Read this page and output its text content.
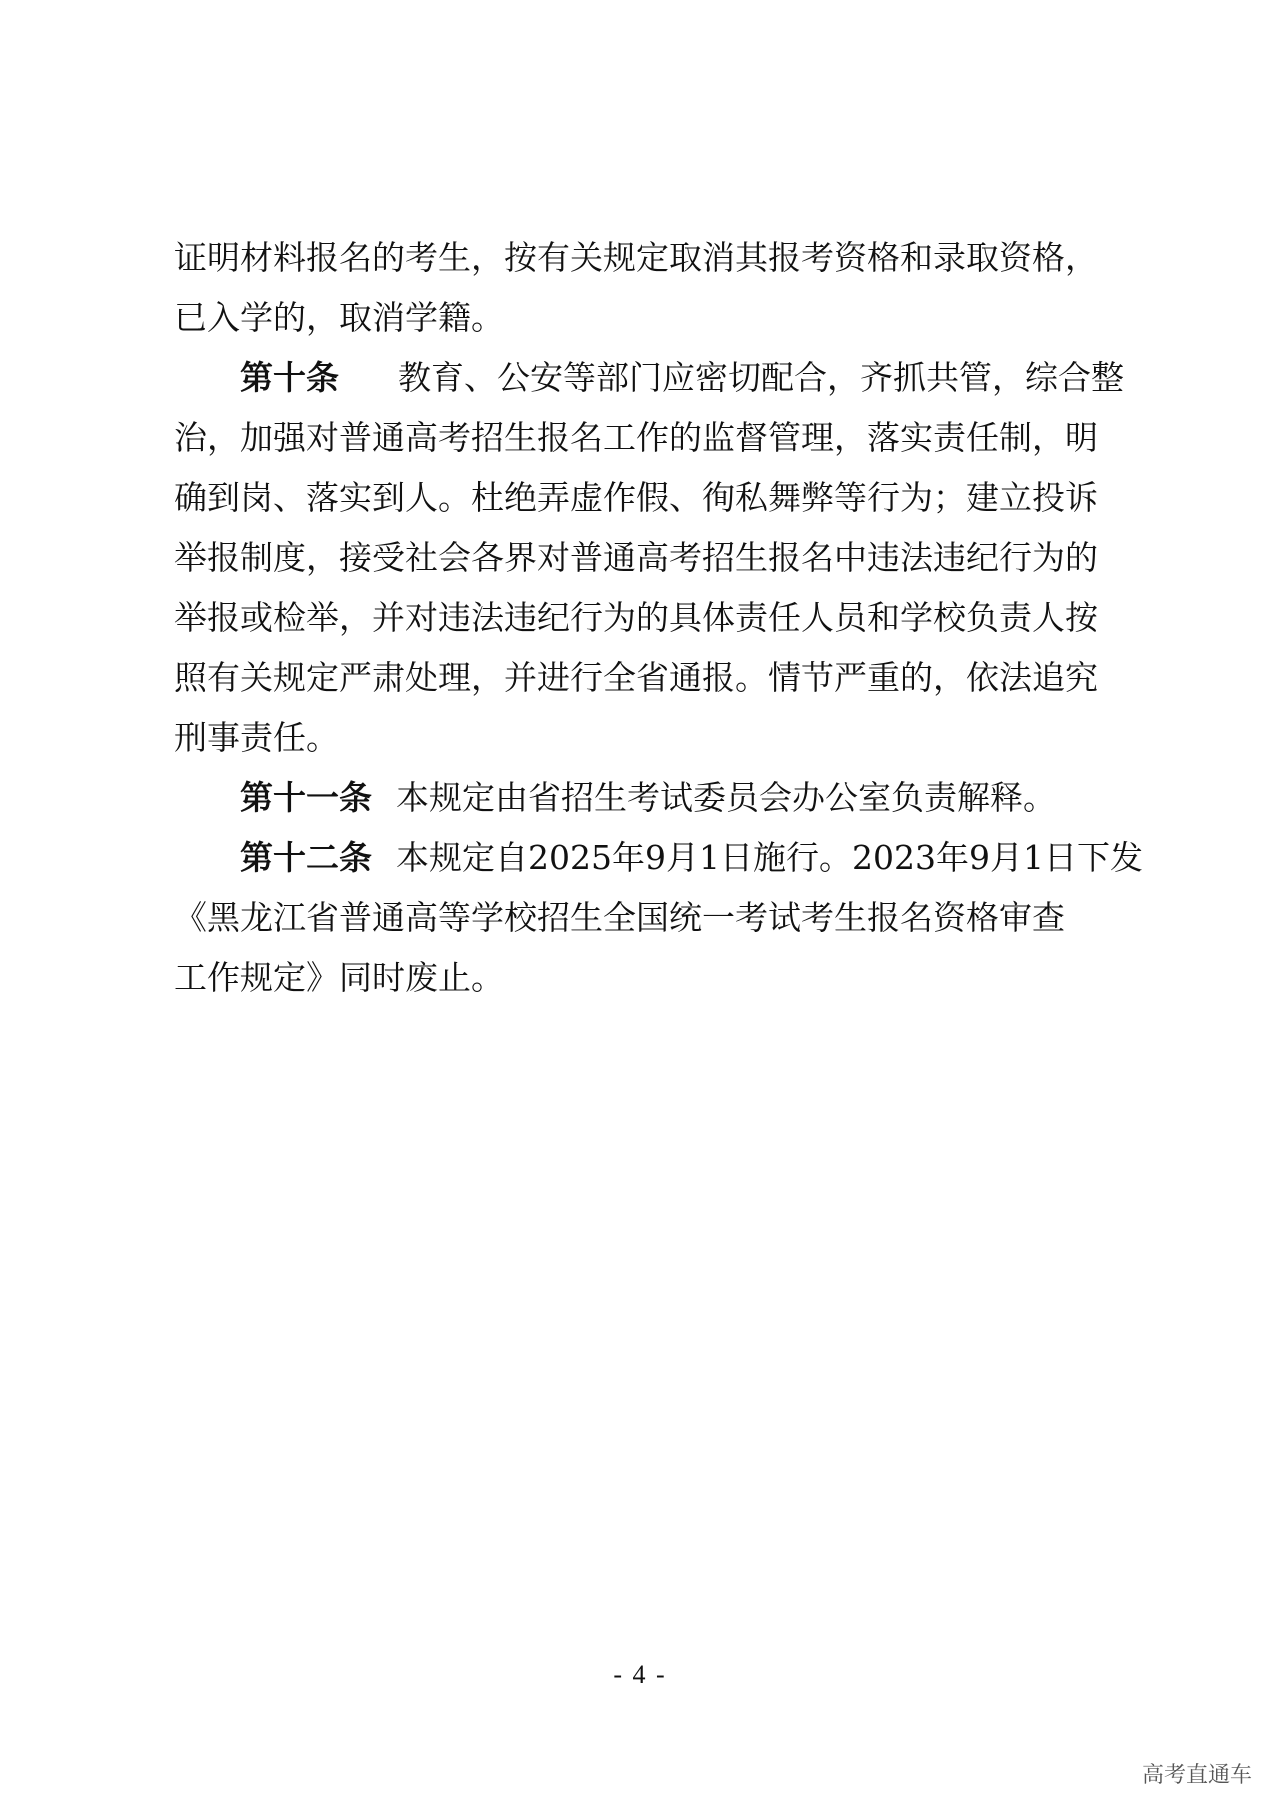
证明材料报名的考生，按有关规定取消其报考资格和录取资格，
已入学的，取消学籍。
第十条 教育、公安等部门应密切配合，齐抓共管，综合整
治，加强对普通高考招生报名工作的监督管理，落实责任制，明
确到岗、落实到人。杜绝弄虚作假、徇私舞弊等行为；建立投诉
举报制度，接受社会各界对普通高考招生报名中违法违纪行为的
举报或检举，并对违法违纪行为的具体责任人员和学校负责人按
照有关规定严肃处理，并进行全省通报。情节严重的，依法追究
刑事责任。
第十一条 本规定由省招生考试委员会办公室负责解释。
第十二条 本规定自2025年9月1日施行。2023年9月1日下发
《黑龙江省普通高等学校招生全国统一考试考生报名资格审查
工作规定》同时废止。
- 4 -
高考直通车
